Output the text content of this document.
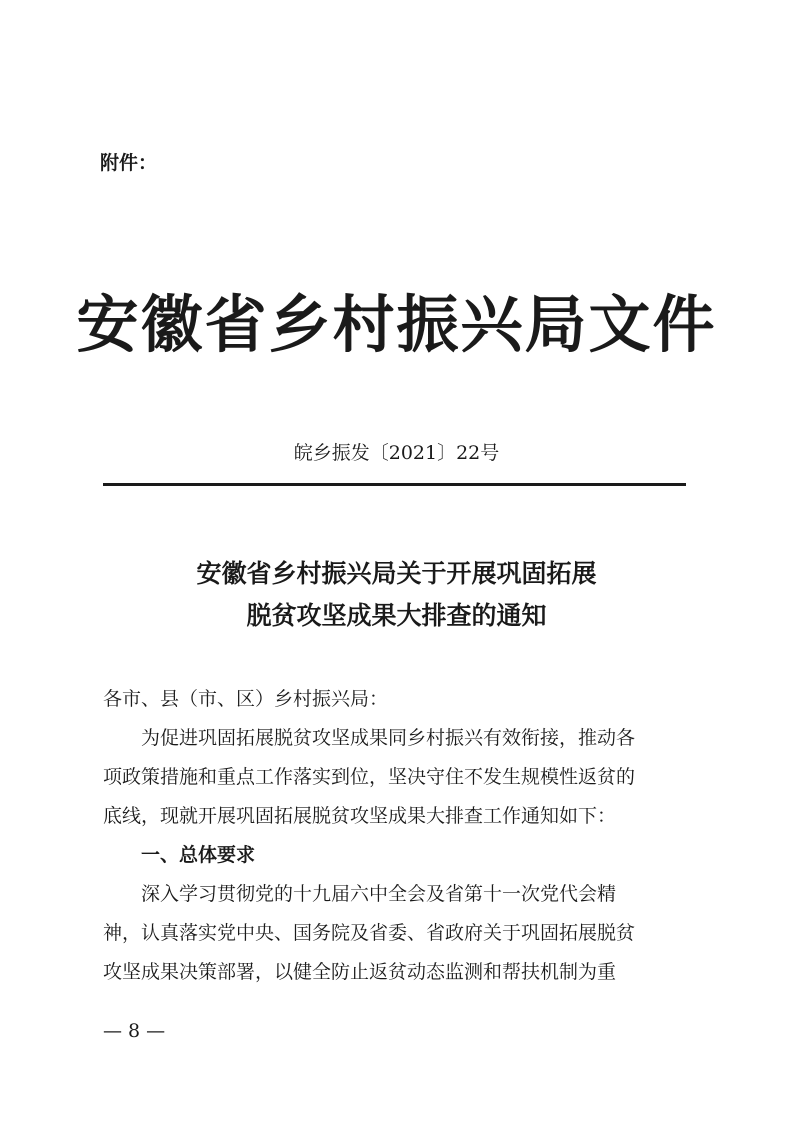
附件：
安徽省乡村振兴局文件
皖乡振发〔2021〕22号
安徽省乡村振兴局关于开展巩固拓展
脱贫攻坚成果大排查的通知
各市、县（市、区）乡村振兴局：
为促进巩固拓展脱贫攻坚成果同乡村振兴有效衔接，推动各
项政策措施和重点工作落实到位，坚决守住不发生规模性返贫的
底线，现就开展巩固拓展脱贫攻坚成果大排查工作通知如下：
一、总体要求
深入学习贯彻党的十九届六中全会及省第十一次党代会精
神，认真落实党中央、国务院及省委、省政府关于巩固拓展脱贫
攻坚成果决策部署，以健全防止返贫动态监测和帮扶机制为重
— 8 —
